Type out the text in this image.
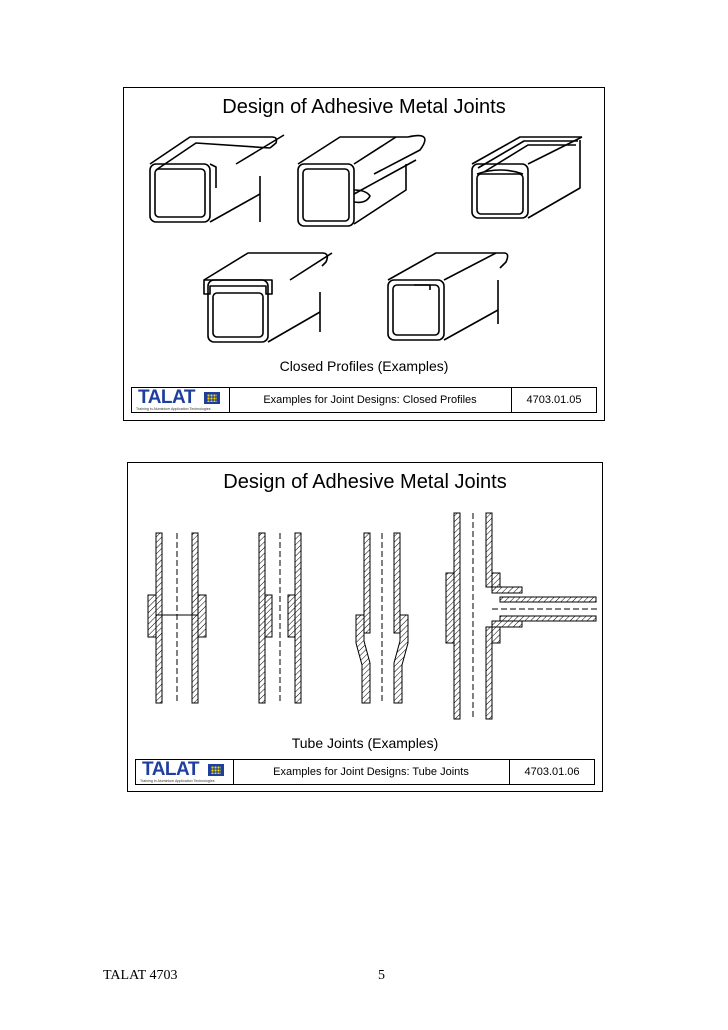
Design of Adhesive Metal Joints
Closed Profiles (Examples)
TALAT
Training in Aluminium Application Technologies
Examples for Joint Designs: Closed Profiles	4703.01.05
Design of Adhesive Metal Joints
Tube Joints (Examples)
TALAT
Training in Aluminium Application Technologies
Examples for Joint Designs: Tube Joints	4703.01.06
TALAT 4703	5
